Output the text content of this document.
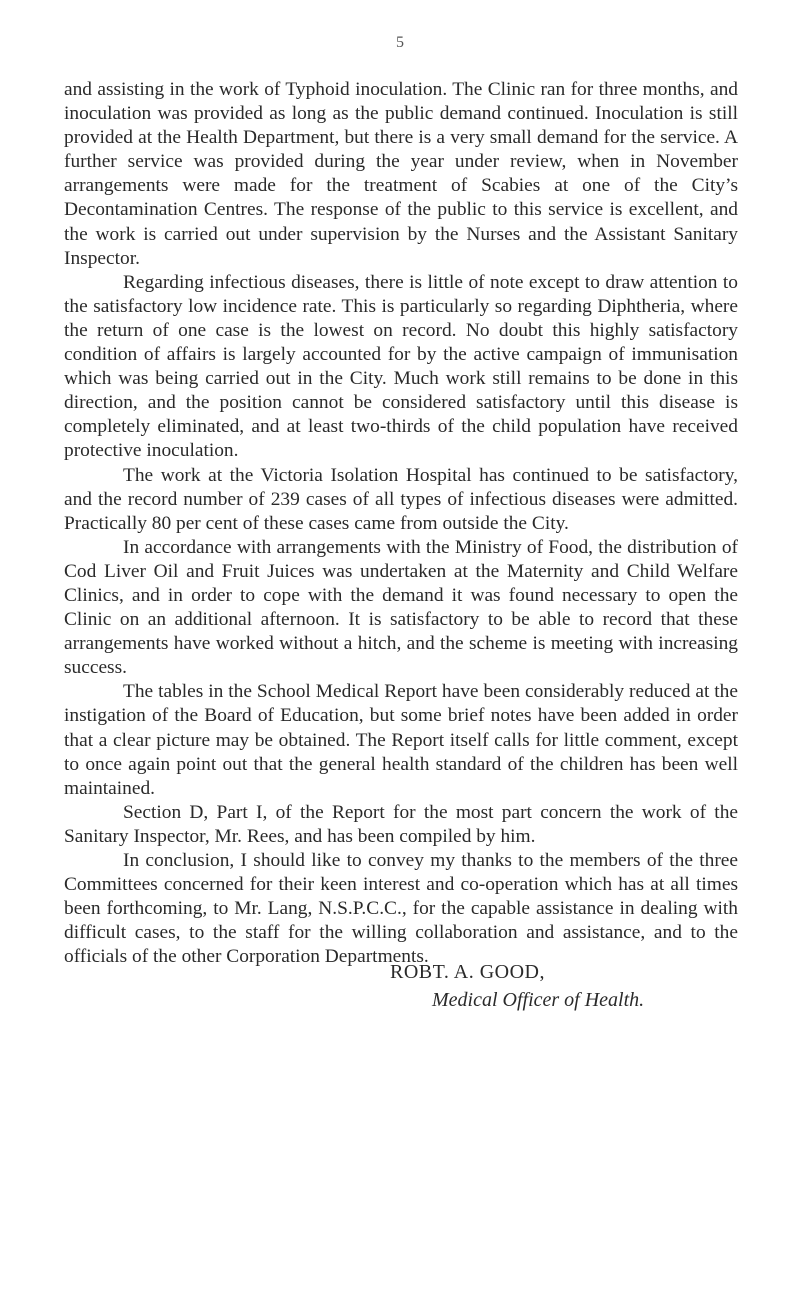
5

and assisting in the work of Typhoid inoculation. The Clinic ran for three months, and inoculation was provided as long as the public demand continued. Inoculation is still provided at the Health Department, but there is a very small demand for the service. A further service was provided during the year under review, when in November arrangements were made for the treatment of Scabies at one of the City’s Decontamination Centres. The response of the public to this service is excellent, and the work is carried out under supervision by the Nurses and the Assistant Sanitary Inspector.

Regarding infectious diseases, there is little of note except to draw attention to the satisfactory low incidence rate. This is particularly so regarding Diphtheria, where the return of one case is the lowest on record. No doubt this highly satisfactory condition of affairs is largely accounted for by the active campaign of immunisation which was being carried out in the City. Much work still remains to be done in this direction, and the position cannot be considered satisfactory until this disease is completely eliminated, and at least two-thirds of the child population have received protective inoculation.

The work at the Victoria Isolation Hospital has continued to be satisfactory, and the record number of 239 cases of all types of infectious diseases were admitted. Practically 80 per cent of these cases came from outside the City.

In accordance with arrangements with the Ministry of Food, the distribution of Cod Liver Oil and Fruit Juices was undertaken at the Maternity and Child Welfare Clinics, and in order to cope with the demand it was found necessary to open the Clinic on an additional afternoon. It is satisfactory to be able to record that these arrangements have worked without a hitch, and the scheme is meeting with increasing success.

The tables in the School Medical Report have been considerably reduced at the instigation of the Board of Education, but some brief notes have been added in order that a clear picture may be obtained. The Report itself calls for little comment, except to once again point out that the general health standard of the children has been well maintained.

Section D, Part I, of the Report for the most part concern the work of the Sanitary Inspector, Mr. Rees, and has been compiled by him.

In conclusion, I should like to convey my thanks to the members of the three Committees concerned for their keen interest and co-operation which has at all times been forthcoming, to Mr. Lang, N.S.P.C.C., for the capable assistance in dealing with difficult cases, to the staff for the willing collaboration and assistance, and to the officials of the other Corporation Departments.

ROBT. A. GOOD,
Medical Officer of Health.
